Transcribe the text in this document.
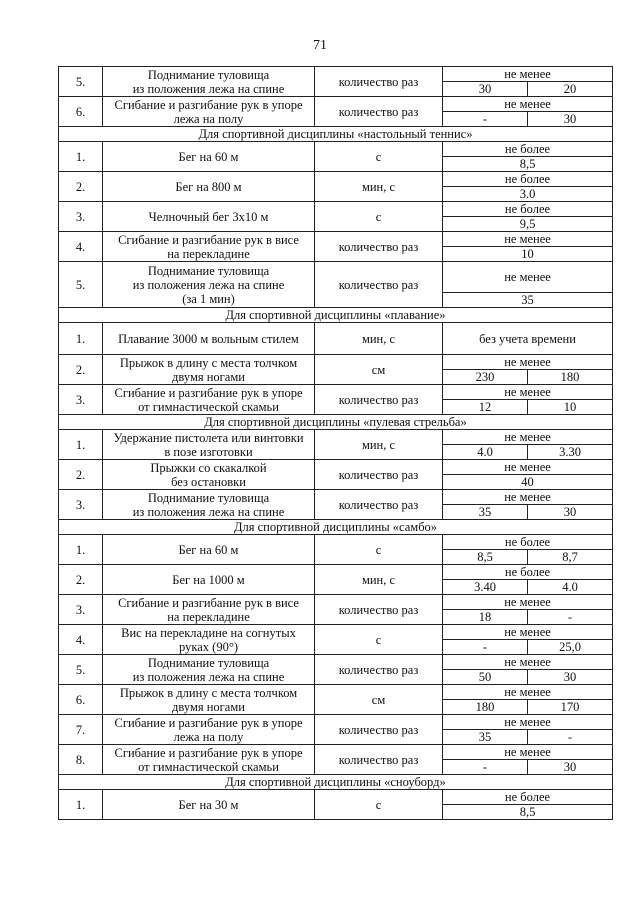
71
5.	Поднимание туловища
из положения лежа на спине	количество раз	не менее	
			30	20
6.	Сгибание и разгибание рук в упоре
лежа на полу	количество раз	не менее	
			-	30
Для спортивной дисциплины «настольный теннис»				
1.	Бег на 60 м	с	не более	
			8,5	
2.	Бег на 800 м	мин, с	не более	
			3.0	
3.	Челночный бег 3x10 м	с	не более	
			9,5	
4.	Сгибание и разгибание рук в висе
на перекладине	количество раз	не менее	
			10	
5.	Поднимание туловища
из положения лежа на спине
(за 1 мин)	количество раз	не менее	
			35	
Для спортивной дисциплины «плавание»				
1.	Плавание 3000 м вольным стилем	мин, с	без учета времени	
2.	Прыжок в длину с места толчком
двумя ногами	см	не менее	
			230	180
3.	Сгибание и разгибание рук в упоре
от гимнастической скамьи	количество раз	не менее	
			12	10
Для спортивной дисциплины «пулевая стрельба»				
1.	Удержание пистолета или винтовки
в позе изготовки	мин, с	не менее	
			4.0	3.30
2.	Прыжки со скакалкой
без остановки	количество раз	не менее	
			40	
3.	Поднимание туловища
из положения лежа на спине	количество раз	не менее	
			35	30
Для спортивной дисциплины «самбо»				
1.	Бег на 60 м	с	не более	
			8,5	8,7
2.	Бег на 1000 м	мин, с	не более	
			3.40	4.0
3.	Сгибание и разгибание рук в висе
на перекладине	количество раз	не менее	
			18	-
4.	Вис на перекладине на согнутых
руках (90°)	с	не менее	
			-	25,0
5.	Поднимание туловища
из положения лежа на спине	количество раз	не менее	
			50	30
6.	Прыжок в длину с места толчком
двумя ногами	см	не менее	
			180	170
7.	Сгибание и разгибание рук в упоре
лежа на полу	количество раз	не менее	
			35	-
8.	Сгибание и разгибание рук в упоре
от гимнастической скамьи	количество раз	не менее	
			-	30
Для спортивной дисциплины «сноуборд»				
1.	Бег на 30 м	с	не более	
			8,5	
